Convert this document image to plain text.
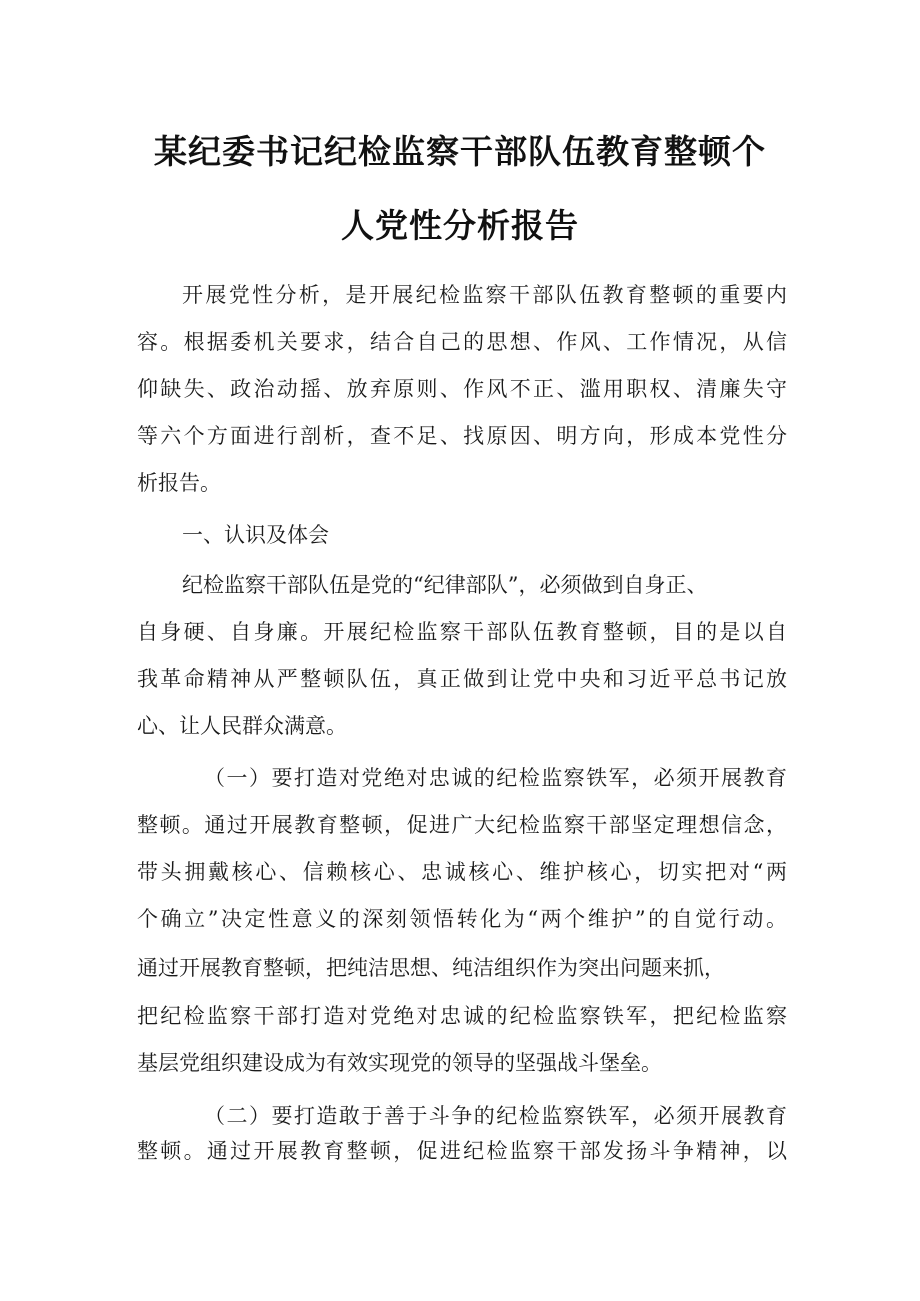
某纪委书记纪检监察干部队伍教育整顿个
人党性分析报告

开展党性分析，是开展纪检监察干部队伍教育整顿的重要内

容。根据委机关要求，结合自己的思想、作风、工作情况，从信

仰缺失、政治动摇、放弃原则、作风不正、滥用职权、清廉失守

等六个方面进行剖析，查不足、找原因、明方向，形成本党性分

析报告。

一、认识及体会

纪检监察干部队伍是党的“纪律部队”，必须做到自身正、

自身硬、自身廉。开展纪检监察干部队伍教育整顿，目的是以自

我革命精神从严整顿队伍，真正做到让党中央和习近平总书记放

心、让人民群众满意。

（一）要打造对党绝对忠诚的纪检监察铁军，必须开展教育

整顿。通过开展教育整顿，促进广大纪检监察干部坚定理想信念，

带头拥戴核心、信赖核心、忠诚核心、维护核心，切实把对“两

个确立”决定性意义的深刻领悟转化为“两个维护”的自觉行动。

通过开展教育整顿，把纯洁思想、纯洁组织作为突出问题来抓，

把纪检监察干部打造对党绝对忠诚的纪检监察铁军，把纪检监察

基层党组织建设成为有效实现党的领导的坚强战斗堡垒。

（二）要打造敢于善于斗争的纪检监察铁军，必须开展教育

整顿。通过开展教育整顿，促进纪检监察干部发扬斗争精神，以
